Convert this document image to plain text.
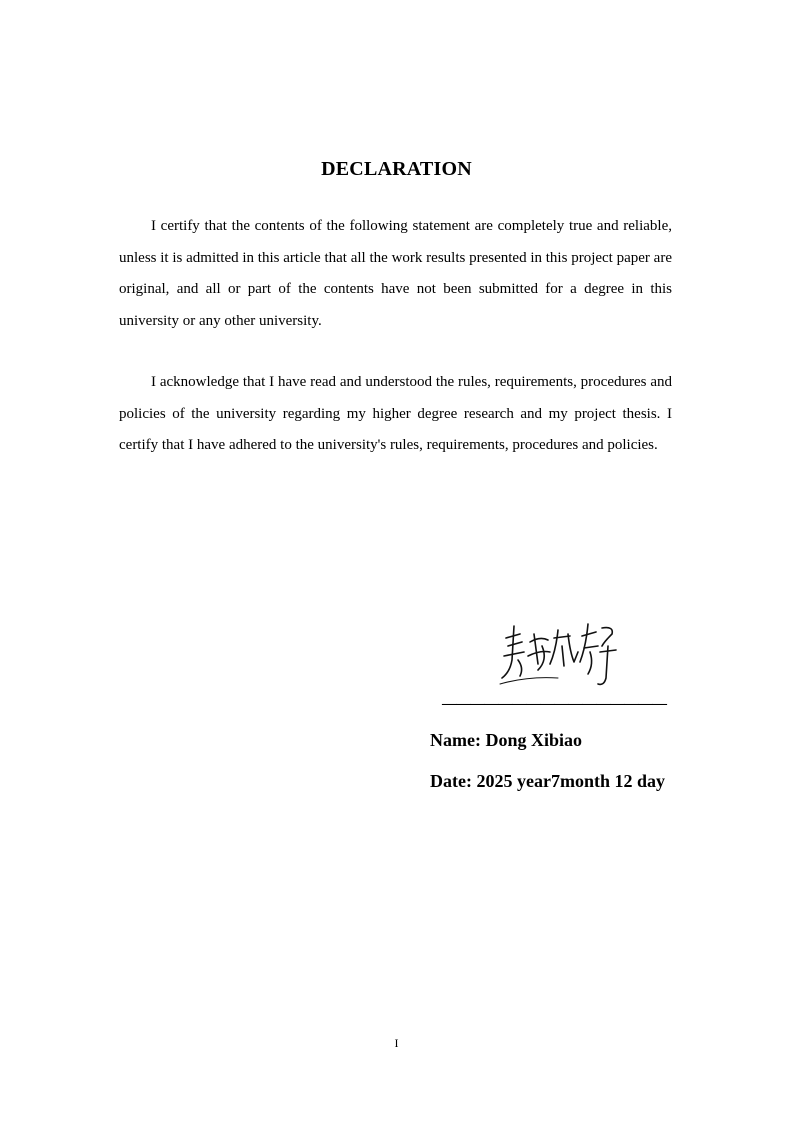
DECLARATION

I certify that the contents of the following statement are completely true and reliable, unless it is admitted in this article that all the work results presented in this project paper are original, and all or part of the contents have not been submitted for a degree in this university or any other university.

I acknowledge that I have read and understood the rules, requirements, procedures and policies of the university regarding my higher degree research and my project thesis. I certify that I have adhered to the university's rules, requirements, procedures and policies.

————————————————
Name: Dong Xibiao
Date: 2025 year7month 12 day
I
